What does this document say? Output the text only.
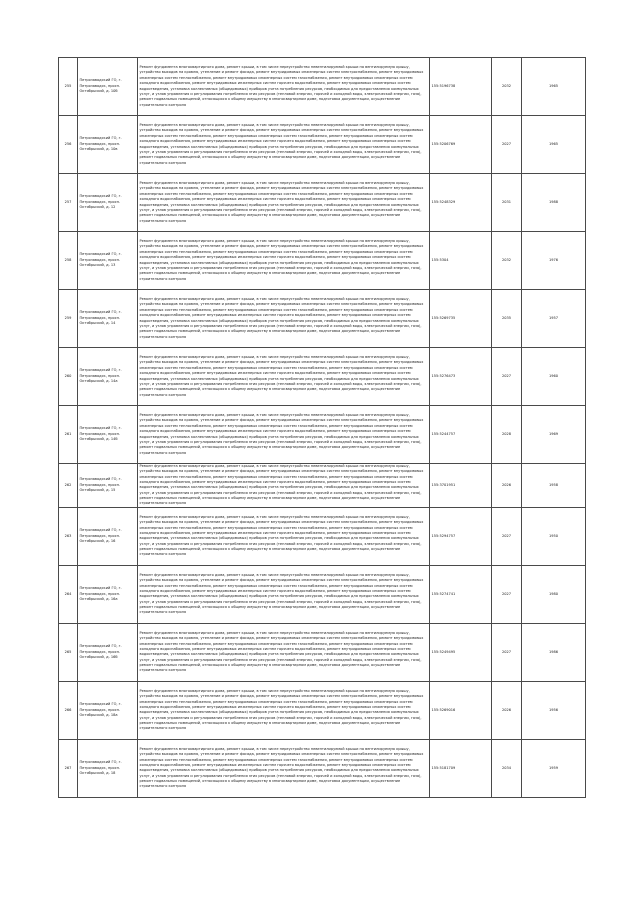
255	Петрозаводский ГО, г. Петрозаводск, просп. Октябрьский, д. 10б	Ремонт фундамента многоквартирного дома, ремонт крыши, в том числе переустройство невентилируемой крыши на вентилируемую крышу, устройство выходов на кровлю, утепление и ремонт фасада, ремонт внутридомовых инженерных систем электроснабжения, ремонт внутридомовых инженерных систем теплоснабжения, ремонт внутридомовых инженерных систем газоснабжения, ремонт внутридомовых инженерных систем холодного водоснабжения, ремонт внутридомовых инженерных систем горячего водоснабжения, ремонт внутридомовых инженерных систем водоотведения, установка коллективных (общедомовых) приборов учета потребления ресурсов, необходимых для предоставления коммунальных услуг, и узлов управления и регулирования потребления этих ресурсов (тепловой энергии, горячей и холодной воды, электрической энергии, газа), ремонт подвальных помещений, относящихся к общему имуществу в многоквартирном доме, подготовка документации, осуществление строительного контроля	155:5196738	2032	1965
256	Петрозаводский ГО, г. Петрозаводск, просп. Октябрьский, д. 10в	Ремонт фундамента многоквартирного дома, ремонт крыши, в том числе переустройство невентилируемой крыши на вентилируемую крышу, устройство выходов на кровлю, утепление и ремонт фасада, ремонт внутридомовых инженерных систем электроснабжения, ремонт внутридомовых инженерных систем теплоснабжения, ремонт внутридомовых инженерных систем газоснабжения, ремонт внутридомовых инженерных систем холодного водоснабжения, ремонт внутридомовых инженерных систем горячего водоснабжения, ремонт внутридомовых инженерных систем водоотведения, установка коллективных (общедомовых) приборов учета потребления ресурсов, необходимых для предоставления коммунальных услуг, и узлов управления и регулирования потребления этих ресурсов (тепловой энергии, горячей и холодной воды, электрической энергии, газа), ремонт подвальных помещений, относящихся к общему имуществу в многоквартирном доме, подготовка документации, осуществление строительного контроля	155:5206769	2027	1965
257	Петрозаводский ГО, г. Петрозаводск, просп. Октябрьский, д. 12	Ремонт фундамента многоквартирного дома, ремонт крыши, в том числе переустройство невентилируемой крыши на вентилируемую крышу, устройство выходов на кровлю, утепление и ремонт фасада, ремонт внутридомовых инженерных систем электроснабжения, ремонт внутридомовых инженерных систем теплоснабжения, ремонт внутридомовых инженерных систем газоснабжения, ремонт внутридомовых инженерных систем холодного водоснабжения, ремонт внутридомовых инженерных систем горячего водоснабжения, ремонт внутридомовых инженерных систем водоотведения, установка коллективных (общедомовых) приборов учета потребления ресурсов, необходимых для предоставления коммунальных услуг, и узлов управления и регулирования потребления этих ресурсов (тепловой энергии, горячей и холодной воды, электрической энергии, газа), ремонт подвальных помещений, относящихся к общему имуществу в многоквартирном доме, подготовка документации, осуществление строительного контроля	155:5248329	2031	1988
258	Петрозаводский ГО, г. Петрозаводск, просп. Октябрьский, д. 13	Ремонт фундамента многоквартирного дома, ремонт крыши, в том числе переустройство невентилируемой крыши на вентилируемую крышу, устройство выходов на кровлю, утепление и ремонт фасада, ремонт внутридомовых инженерных систем электроснабжения, ремонт внутридомовых инженерных систем теплоснабжения, ремонт внутридомовых инженерных систем газоснабжения, ремонт внутридомовых инженерных систем холодного водоснабжения, ремонт внутридомовых инженерных систем горячего водоснабжения, ремонт внутридомовых инженерных систем водоотведения, установка коллективных (общедомовых) приборов учета потребления ресурсов, необходимых для предоставления коммунальных услуг, и узлов управления и регулирования потребления этих ресурсов (тепловой энергии, горячей и холодной воды, электрической энергии, газа), ремонт подвальных помещений, относящихся к общему имуществу в многоквартирном доме, подготовка документации, осуществление строительного контроля	155:5304	2032	1976
259	Петрозаводский ГО, г. Петрозаводск, просп. Октябрьский, д. 14	Ремонт фундамента многоквартирного дома, ремонт крыши, в том числе переустройство невентилируемой крыши на вентилируемую крышу, устройство выходов на кровлю, утепление и ремонт фасада, ремонт внутридомовых инженерных систем электроснабжения, ремонт внутридомовых инженерных систем теплоснабжения, ремонт внутридомовых инженерных систем газоснабжения, ремонт внутридомовых инженерных систем холодного водоснабжения, ремонт внутридомовых инженерных систем горячего водоснабжения, ремонт внутридомовых инженерных систем водоотведения, установка коллективных (общедомовых) приборов учета потребления ресурсов, необходимых для предоставления коммунальных услуг, и узлов управления и регулирования потребления этих ресурсов (тепловой энергии, горячей и холодной воды, электрической энергии, газа), ремонт подвальных помещений, относящихся к общему имуществу в многоквартирном доме, подготовка документации, осуществление строительного контроля	155:5269735	2035	1957
260	Петрозаводский ГО, г. Петрозаводск, просп. Октябрьский, д. 14а	Ремонт фундамента многоквартирного дома, ремонт крыши, в том числе переустройство невентилируемой крыши на вентилируемую крышу, устройство выходов на кровлю, утепление и ремонт фасада, ремонт внутридомовых инженерных систем электроснабжения, ремонт внутридомовых инженерных систем теплоснабжения, ремонт внутридомовых инженерных систем газоснабжения, ремонт внутридомовых инженерных систем холодного водоснабжения, ремонт внутридомовых инженерных систем горячего водоснабжения, ремонт внутридомовых инженерных систем водоотведения, установка коллективных (общедомовых) приборов учета потребления ресурсов, необходимых для предоставления коммунальных услуг, и узлов управления и регулирования потребления этих ресурсов (тепловой энергии, горячей и холодной воды, электрической энергии, газа), ремонт подвальных помещений, относящихся к общему имуществу в многоквартирном доме, подготовка документации, осуществление строительного контроля	155:5276473	2027	1960
261	Петрозаводский ГО, г. Петрозаводск, просп. Октябрьский, д. 14б	Ремонт фундамента многоквартирного дома, ремонт крыши, в том числе переустройство невентилируемой крыши на вентилируемую крышу, устройство выходов на кровлю, утепление и ремонт фасада, ремонт внутридомовых инженерных систем электроснабжения, ремонт внутридомовых инженерных систем теплоснабжения, ремонт внутридомовых инженерных систем газоснабжения, ремонт внутридомовых инженерных систем холодного водоснабжения, ремонт внутридомовых инженерных систем горячего водоснабжения, ремонт внутридомовых инженерных систем водоотведения, установка коллективных (общедомовых) приборов учета потребления ресурсов, необходимых для предоставления коммунальных услуг, и узлов управления и регулирования потребления этих ресурсов (тепловой энергии, горячей и холодной воды, электрической энергии, газа), ремонт подвальных помещений, относящихся к общему имуществу в многоквартирном доме, подготовка документации, осуществление строительного контроля	155:5244757	2028	1969
262	Петрозаводский ГО, г. Петрозаводск, просп. Октябрьский, д. 15	Ремонт фундамента многоквартирного дома, ремонт крыши, в том числе переустройство невентилируемой крыши на вентилируемую крышу, устройство выходов на кровлю, утепление и ремонт фасада, ремонт внутридомовых инженерных систем электроснабжения, ремонт внутридомовых инженерных систем теплоснабжения, ремонт внутридомовых инженерных систем газоснабжения, ремонт внутридомовых инженерных систем холодного водоснабжения, ремонт внутридомовых инженерных систем горячего водоснабжения, ремонт внутридомовых инженерных систем водоотведения, установка коллективных (общедомовых) приборов учета потребления ресурсов, необходимых для предоставления коммунальных услуг, и узлов управления и регулирования потребления этих ресурсов (тепловой энергии, горячей и холодной воды, электрической энергии, газа), ремонт подвальных помещений, относящихся к общему имуществу в многоквартирном доме, подготовка документации, осуществление строительного контроля	155:3701951	2026	1958
263	Петрозаводский ГО, г. Петрозаводск, просп. Октябрьский, д. 16	Ремонт фундамента многоквартирного дома, ремонт крыши, в том числе переустройство невентилируемой крыши на вентилируемую крышу, устройство выходов на кровлю, утепление и ремонт фасада, ремонт внутридомовых инженерных систем электроснабжения, ремонт внутридомовых инженерных систем теплоснабжения, ремонт внутридомовых инженерных систем газоснабжения, ремонт внутридомовых инженерных систем холодного водоснабжения, ремонт внутридомовых инженерных систем горячего водоснабжения, ремонт внутридомовых инженерных систем водоотведения, установка коллективных (общедомовых) приборов учета потребления ресурсов, необходимых для предоставления коммунальных услуг, и узлов управления и регулирования потребления этих ресурсов (тепловой энергии, горячей и холодной воды, электрической энергии, газа), ремонт подвальных помещений, относящихся к общему имуществу в многоквартирном доме, подготовка документации, осуществление строительного контроля	155:5294757	2027	1950
264	Петрозаводский ГО, г. Петрозаводск, просп. Октябрьский, д. 16а	Ремонт фундамента многоквартирного дома, ремонт крыши, в том числе переустройство невентилируемой крыши на вентилируемую крышу, устройство выходов на кровлю, утепление и ремонт фасада, ремонт внутридомовых инженерных систем электроснабжения, ремонт внутридомовых инженерных систем теплоснабжения, ремонт внутридомовых инженерных систем газоснабжения, ремонт внутридомовых инженерных систем холодного водоснабжения, ремонт внутридомовых инженерных систем горячего водоснабжения, ремонт внутридомовых инженерных систем водоотведения, установка коллективных (общедомовых) приборов учета потребления ресурсов, необходимых для предоставления коммунальных услуг, и узлов управления и регулирования потребления этих ресурсов (тепловой энергии, горячей и холодной воды, электрической энергии, газа), ремонт подвальных помещений, относящихся к общему имуществу в многоквартирном доме, подготовка документации, осуществление строительного контроля	155:5274741	2027	1980
265	Петрозаводский ГО, г. Петрозаводск, просп. Октябрьский, д. 16б	Ремонт фундамента многоквартирного дома, ремонт крыши, в том числе переустройство невентилируемой крыши на вентилируемую крышу, устройство выходов на кровлю, утепление и ремонт фасада, ремонт внутридомовых инженерных систем электроснабжения, ремонт внутридомовых инженерных систем теплоснабжения, ремонт внутридомовых инженерных систем газоснабжения, ремонт внутридомовых инженерных систем холодного водоснабжения, ремонт внутридомовых инженерных систем горячего водоснабжения, ремонт внутридомовых инженерных систем водоотведения, установка коллективных (общедомовых) приборов учета потребления ресурсов, необходимых для предоставления коммунальных услуг, и узлов управления и регулирования потребления этих ресурсов (тепловой энергии, горячей и холодной воды, электрической энергии, газа), ремонт подвальных помещений, относящихся к общему имуществу в многоквартирном доме, подготовка документации, осуществление строительного контроля	155:5249495	2027	1986
266	Петрозаводский ГО, г. Петрозаводск, просп. Октябрьский, д. 18а	Ремонт фундамента многоквартирного дома, ремонт крыши, в том числе переустройство невентилируемой крыши на вентилируемую крышу, устройство выходов на кровлю, утепление и ремонт фасада, ремонт внутридомовых инженерных систем электроснабжения, ремонт внутридомовых инженерных систем теплоснабжения, ремонт внутридомовых инженерных систем газоснабжения, ремонт внутридомовых инженерных систем холодного водоснабжения, ремонт внутридомовых инженерных систем горячего водоснабжения, ремонт внутридомовых инженерных систем водоотведения, установка коллективных (общедомовых) приборов учета потребления ресурсов, необходимых для предоставления коммунальных услуг, и узлов управления и регулирования потребления этих ресурсов (тепловой энергии, горячей и холодной воды, электрической энергии, газа), ремонт подвальных помещений, относящихся к общему имуществу в многоквартирном доме, подготовка документации, осуществление строительного контроля	155:5269016	2026	1956
267	Петрозаводский ГО, г. Петрозаводск, просп. Октябрьский, д. 18	Ремонт фундамента многоквартирного дома, ремонт крыши, в том числе переустройство невентилируемой крыши на вентилируемую крышу, устройство выходов на кровлю, утепление и ремонт фасада, ремонт внутридомовых инженерных систем электроснабжения, ремонт внутридомовых инженерных систем теплоснабжения, ремонт внутридомовых инженерных систем газоснабжения, ремонт внутридомовых инженерных систем холодного водоснабжения, ремонт внутридомовых инженерных систем горячего водоснабжения, ремонт внутридомовых инженерных систем водоотведения, установка коллективных (общедомовых) приборов учета потребления ресурсов, необходимых для предоставления коммунальных услуг, и узлов управления и регулирования потребления этих ресурсов (тепловой энергии, горячей и холодной воды, электрической энергии, газа), ремонт подвальных помещений, относящихся к общему имуществу в многоквартирном доме, подготовка документации, осуществление строительного контроля	155:5181709	2034	1959
